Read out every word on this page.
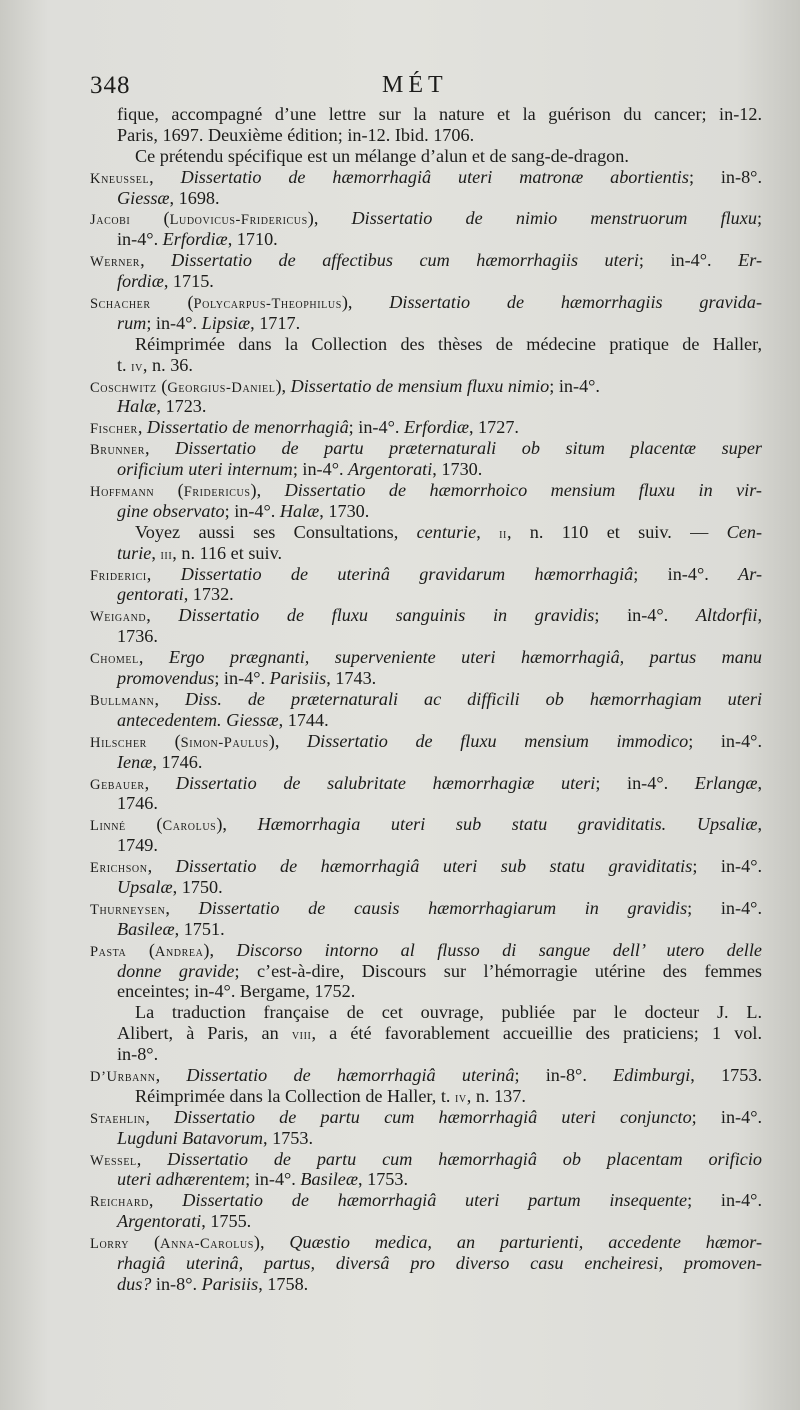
348	MÉT
fique, accompagné d’une lettre sur la nature et la guérison du cancer; in-12.
Paris, 1697. Deuxième édition; in-12. Ibid. 1706.
Ce prétendu spécifique est un mélange d’alun et de sang-de-dragon.
Kneussel, Dissertatio de hæmorrhagiâ uteri matronæ abortientis; in-8°.
Giessæ, 1698.
Jacobi (Ludovicus-Fridericus), Dissertatio de nimio menstruorum fluxu;
in-4°. Erfordiæ, 1710.
Werner, Dissertatio de affectibus cum hæmorrhagiis uteri; in-4°. Er-
fordiæ, 1715.
Schacher (Polycarpus-Theophilus), Dissertatio de hæmorrhagiis gravida-
rum; in-4°. Lipsiæ, 1717.
Réimprimée dans la Collection des thèses de médecine pratique de Haller,
t. iv, n. 36.
Coschwitz (Georgius-Daniel), Dissertatio de mensium fluxu nimio; in-4°.
Halæ, 1723.
Fischer, Dissertatio de menorrhagiâ; in-4°. Erfordiæ, 1727.
Brunner, Dissertatio de partu præternaturali ob situm placentæ super
orificium uteri internum; in-4°. Argentorati, 1730.
Hoffmann (Fridericus), Dissertatio de hæmorrhoico mensium fluxu in vir-
gine observato; in-4°. Halæ, 1730.
Voyez aussi ses Consultations, centurie, ii, n. 110 et suiv. — Cen-
turie, iii, n. 116 et suiv.
Friderici, Dissertatio de uterinâ gravidarum hæmorrhagiâ; in-4°. Ar-
gentorati, 1732.
Weigand, Dissertatio de fluxu sanguinis in gravidis; in-4°. Altdorfii,
1736.
Chomel, Ergo prægnanti, superveniente uteri hæmorrhagiâ, partus manu
promovendus; in-4°. Parisiis, 1743.
Bullmann, Diss. de præternaturali ac difficili ob hæmorrhagiam uteri
antecedentem. Giessæ, 1744.
Hilscher (Simon-Paulus), Dissertatio de fluxu mensium immodico; in-4°.
Ienæ, 1746.
Gebauer, Dissertatio de salubritate hæmorrhagiæ uteri; in-4°. Erlangæ,
1746.
Linné (Carolus), Hæmorrhagia uteri sub statu graviditatis. Upsaliæ,
1749.
Erichson, Dissertatio de hæmorrhagiâ uteri sub statu graviditatis; in-4°.
Upsalæ, 1750.
Thurneysen, Dissertatio de causis hæmorrhagiarum in gravidis; in-4°.
Basileæ, 1751.
Pasta (Andrea), Discorso intorno al flusso di sangue dell’ utero delle
donne gravide; c’est-à-dire, Discours sur l’hémorragie utérine des femmes
enceintes; in-4°. Bergame, 1752.
La traduction française de cet ouvrage, publiée par le docteur J. L.
Alibert, à Paris, an viii, a été favorablement accueillie des praticiens; 1 vol.
in-8°.
D’Urbann, Dissertatio de hæmorrhagiâ uterinâ; in-8°. Edimburgi, 1753.
Réimprimée dans la Collection de Haller, t. iv, n. 137.
Staehlin, Dissertatio de partu cum hæmorrhagiâ uteri conjuncto; in-4°.
Lugduni Batavorum, 1753.
Wessel, Dissertatio de partu cum hæmorrhagiâ ob placentam orificio
uteri adhærentem; in-4°. Basileæ, 1753.
Reichard, Dissertatio de hæmorrhagiâ uteri partum insequente; in-4°.
Argentorati, 1755.
Lorry (Anna-Carolus), Quæstio medica, an parturienti, accedente hæmor-
rhagiâ uterinâ, partus, diversâ pro diverso casu encheiresi, promoven-
dus? in-8°. Parisiis, 1758.
